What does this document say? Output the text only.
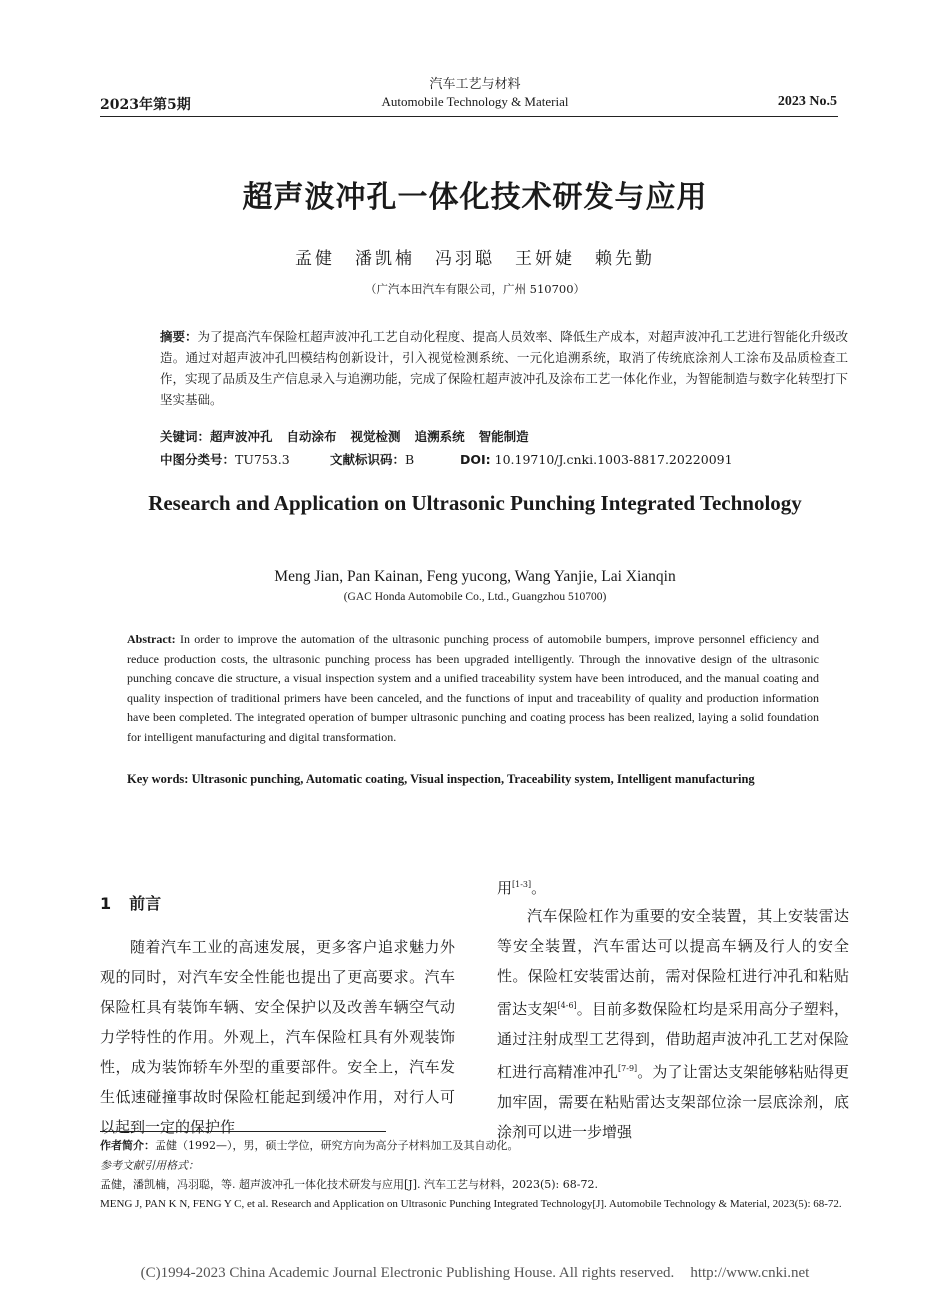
2023年第5期
汽车工艺与材料
Automobile Technology & Material	2023 No.5
超声波冲孔一体化技术研发与应用
孟健　潘凯楠　冯羽聪　王妍婕　赖先勤
（广汽本田汽车有限公司，广州 510700）
摘要：为了提高汽车保险杠超声波冲孔工艺自动化程度、提高人员效率、降低生产成本，对超声波冲孔工艺进行智能化升级改造。通过对超声波冲孔凹模结构创新设计，引入视觉检测系统、一元化追溯系统，取消了传统底涂剂人工涂布及品质检查工作，实现了品质及生产信息录入与追溯功能，完成了保险杠超声波冲孔及涂布工艺一体化作业，为智能制造与数字化转型打下坚实基础。
关键词：超声波冲孔 自动涂布 视觉检测 追溯系统 智能制造
中图分类号：TU753.3	文献标识码：B	DOI: 10.19710/J.cnki.1003-8817.20220091
Research and Application on Ultrasonic Punching Integrated Technology
Meng Jian, Pan Kainan, Feng yucong, Wang Yanjie, Lai Xianqin
(GAC Honda Automobile Co., Ltd., Guangzhou 510700)
Abstract: In order to improve the automation of the ultrasonic punching process of automobile bumpers, improve personnel efficiency and reduce production costs, the ultrasonic punching process has been upgraded intelligently. Through the innovative design of the ultrasonic punching concave die structure, a visual inspection system and a unified traceability system have been introduced, and the manual coating and quality inspection of traditional primers have been canceled, and the functions of input and traceability of quality and production information have been completed. The integrated operation of bumper ultrasonic punching and coating process has been realized, laying a solid foundation for intelligent manufacturing and digital transformation.
Key words: Ultrasonic punching, Automatic coating, Visual inspection, Traceability system, Intelligent manufacturing
1 前言

随着汽车工业的高速发展，更多客户追求魅力外观的同时，对汽车安全性能也提出了更高要求。汽车保险杠具有装饰车辆、安全保护以及改善车辆空气动力学特性的作用。外观上，汽车保险杠具有外观装饰性，成为装饰轿车外型的重要部件。安全上，汽车发生低速碰撞事故时保险杠能起到缓冲作用，对行人可以起到一定的保护作

用[1-3]。

汽车保险杠作为重要的安全装置，其上安装雷达等安全装置，汽车雷达可以提高车辆及行人的安全性。保险杠安装雷达前，需对保险杠进行冲孔和粘贴雷达支架[4-6]。目前多数保险杠均是采用高分子塑料，通过注射成型工艺得到，借助超声波冲孔工艺对保险杠进行高精准冲孔[7-9]。为了让雷达支架能够粘贴得更加牢固，需要在粘贴雷达支架部位涂一层底涂剂，底涂剂可以进一步增强

作者简介：孟健（1992—），男，硕士学位，研究方向为高分子材料加工及其自动化。
参考文献引用格式：
孟健，潘凯楠，冯羽聪，等. 超声波冲孔一体化技术研发与应用[J]. 汽车工艺与材料，2023(5): 68-72.
MENG J, PAN K N, FENG Y C, et al. Research and Application on Ultrasonic Punching Integrated Technology[J]. Automobile Technology & Material, 2023(5): 68-72.
(C)1994-2023 China Academic Journal Electronic Publishing House. All rights reserved. http://www.cnki.net
